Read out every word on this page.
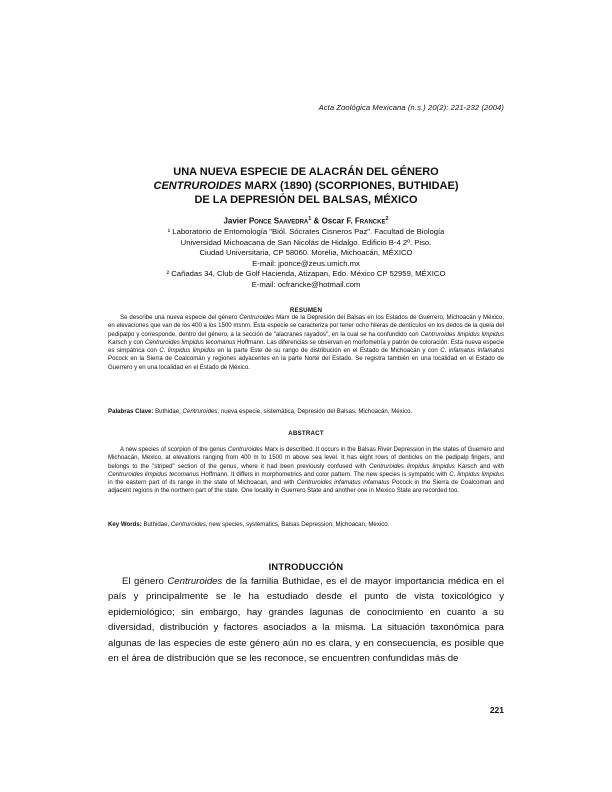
Acta Zoológica Mexicana (n.s.) 20(2): 221-232 (2004)
UNA NUEVA ESPECIE DE ALACRÁN DEL GÉNERO
CENTRUROIDES MARX (1890) (SCORPIONES, BUTHIDAE)
DE LA DEPRESIÓN DEL BALSAS, MÉXICO
Javier Ponce Saavedra$^1$ & Oscar F. Francke$^2$
¹ Laboratorio de Entomología "Biól. Sócrates Cisneros Paz". Facultad de Biología
Universidad Michoacana de San Nicolás de Hidalgo. Edificio B-4 2º. Piso.
Ciudad Universitaria, CP 58060. Morelia, Michoacán, MÉXICO
E-mail: jponce@zeus.umich.mx
² Cañadas 34, Club de Golf Hacienda, Atizapan, Edo. México CP 52959, MÉXICO
E-mail: ocfrancke@hotmail.com
RESUMEN

Se describe una nueva especie del género Centruroides Marx de la Depresión del Balsas en los Estados de Guerrero, Michoacán y México, en elevaciones que van de los 400 a los 1500 msnm. Esta especie se caracteriza por tener ocho hileras de dentículos en los dedos de la quela del pedipalpo y corresponde, dentro del género, a la sección de "alacranes rayados", en la cual se ha confundido con Centruroides limpidus limpidus Karsch y con Centruroides limpidus tecomanus Hoffmann. Las diferencias se observan en morfometría y patrón de coloración. Esta nueva especie es simpátrica con C. limpidus limpidus en la parte Este de su rango de distribución en el Estado de Michoacán y con C. infamatus infamatus Pocock en la Sierra de Coalcomán y regiones adyacentes en la parte Norte del Estado. Se registra también en una localidad en el Estado de Guerrero y en una localidad en el Estado de México.

Palabras Clave: Buthidae, Centruroides, nueva especie, sistemática, Depresión del Balsas, Michoacán, México.
ABSTRACT

A new species of scorpion of the genus Centruroides Marx is described. It occurs in the Balsas River Depression in the states of Guerrero and Michoacán, Mexico, at elevations ranging from 400 m to 1500 m above sea level. It has eight rows of denticles on the pedipalp fingers, and belongs to the "striped" section of the genus, where it had been previously confused with Centruroides limpidus limpidus Karsch and with Centruroides limpidus tecomanus Hoffmann. It differs in morphometrics and color pattern. The new species is sympatric with C. limpidus limpidus in the eastern part of its range in the state of Michoacan, and with Centruroides infamatus infamatus Pocock in the Sierra de Coalcoman and adjacent regions in the northern part of the state. One locality in Guerrero State and another one in Mexico State are recorded too.

Key Words: Buthidae, Centruroides, new species, systematics, Balsas Depression, Michoacan, Mexico.
INTRODUCCIÓN

El género Centruroides de la familia Buthidae, es el de mayor importancia médica en el país y principalmente se le ha estudiado desde el punto de vista toxicológico y epidemiológico; sin embargo, hay grandes lagunas de conocimiento en cuanto a su diversidad, distribución y factores asociados a la misma. La situación taxonómica para algunas de las especies de este género aún no es clara, y en consecuencia, es posible que en el área de distribución que se les reconoce, se encuentren confundidas más de

221
